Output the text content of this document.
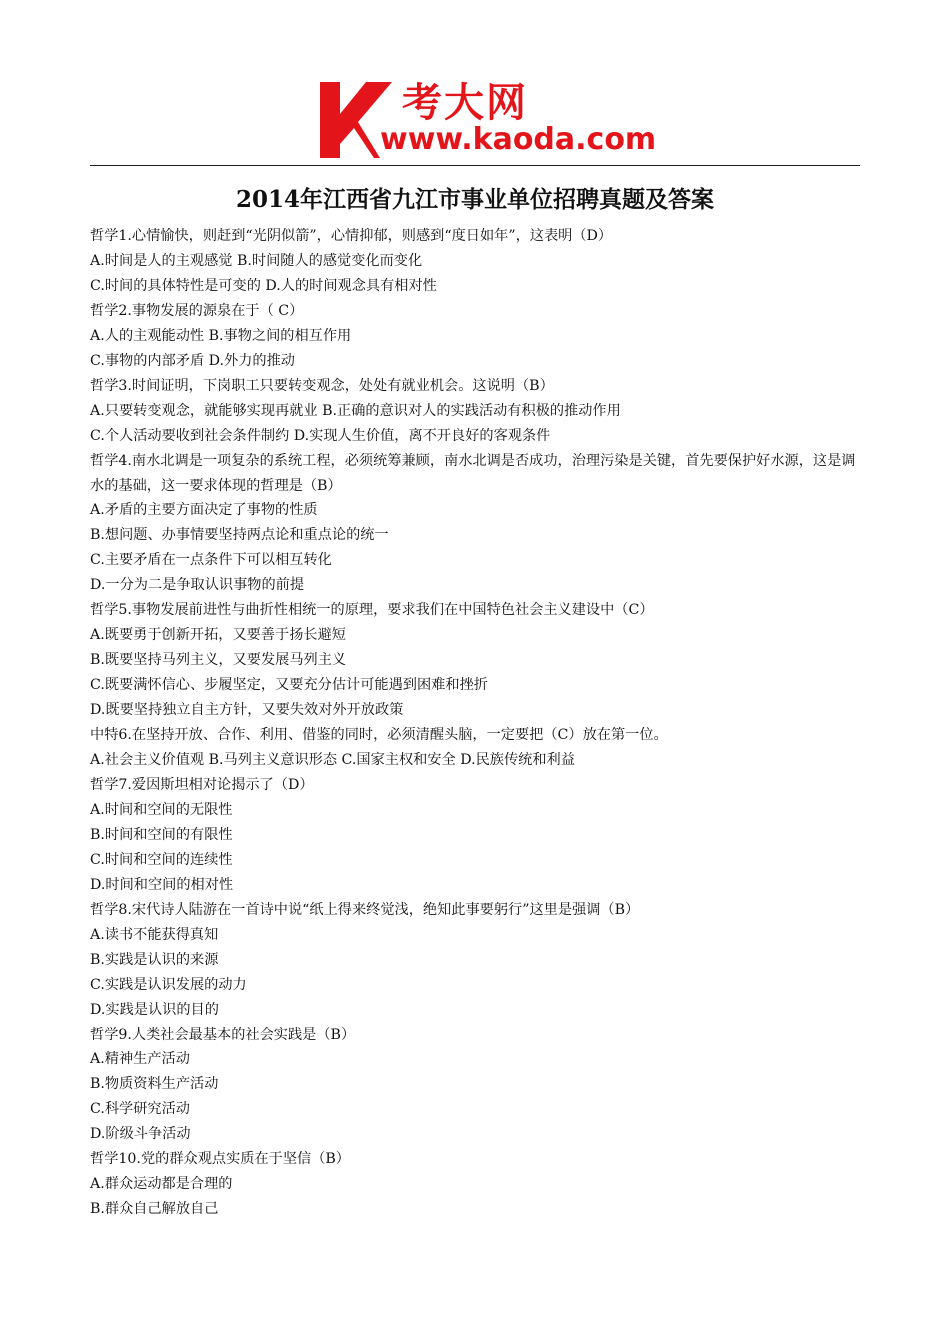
考大网
www.kaoda.com
2014年江西省九江市事业单位招聘真题及答案
哲学1.心情愉快，则赶到“光阴似箭”，心情抑郁，则感到“度日如年”，这表明（D）
A.时间是人的主观感觉 B.时间随人的感觉变化而变化
C.时间的具体特性是可变的 D.人的时间观念具有相对性
哲学2.事物发展的源泉在于（ C）
A.人的主观能动性 B.事物之间的相互作用
C.事物的内部矛盾 D.外力的推动
哲学3.时间证明，下岗职工只要转变观念，处处有就业机会。这说明（B）
A.只要转变观念，就能够实现再就业 B.正确的意识对人的实践活动有积极的推动作用
C.个人活动要收到社会条件制约 D.实现人生价值，离不开良好的客观条件
哲学4.南水北调是一项复杂的系统工程，必须统筹兼顾，南水北调是否成功，治理污染是关键，首先要保护好水源，这是调水的基础，这一要求体现的哲理是（B）
A.矛盾的主要方面决定了事物的性质
B.想问题、办事情要坚持两点论和重点论的统一
C.主要矛盾在一点条件下可以相互转化
D.一分为二是争取认识事物的前提
哲学5.事物发展前进性与曲折性相统一的原理，要求我们在中国特色社会主义建设中（C）
A.既要勇于创新开拓，又要善于扬长避短
B.既要坚持马列主义，又要发展马列主义
C.既要满怀信心、步履坚定，又要充分估计可能遇到困难和挫折
D.既要坚持独立自主方针，又要失效对外开放政策
中特6.在坚持开放、合作、利用、借鉴的同时，必须清醒头脑，一定要把（C）放在第一位。
A.社会主义价值观 B.马列主义意识形态 C.国家主权和安全 D.民族传统和利益
哲学7.爱因斯坦相对论揭示了（D）
A.时间和空间的无限性
B.时间和空间的有限性
C.时间和空间的连续性
D.时间和空间的相对性
哲学8.宋代诗人陆游在一首诗中说“纸上得来终觉浅，绝知此事要躬行”这里是强调（B）
A.读书不能获得真知
B.实践是认识的来源
C.实践是认识发展的动力
D.实践是认识的目的
哲学9.人类社会最基本的社会实践是（B）
A.精神生产活动
B.物质资料生产活动
C.科学研究活动
D.阶级斗争活动
哲学10.党的群众观点实质在于坚信（B）
A.群众运动都是合理的
B.群众自己解放自己
